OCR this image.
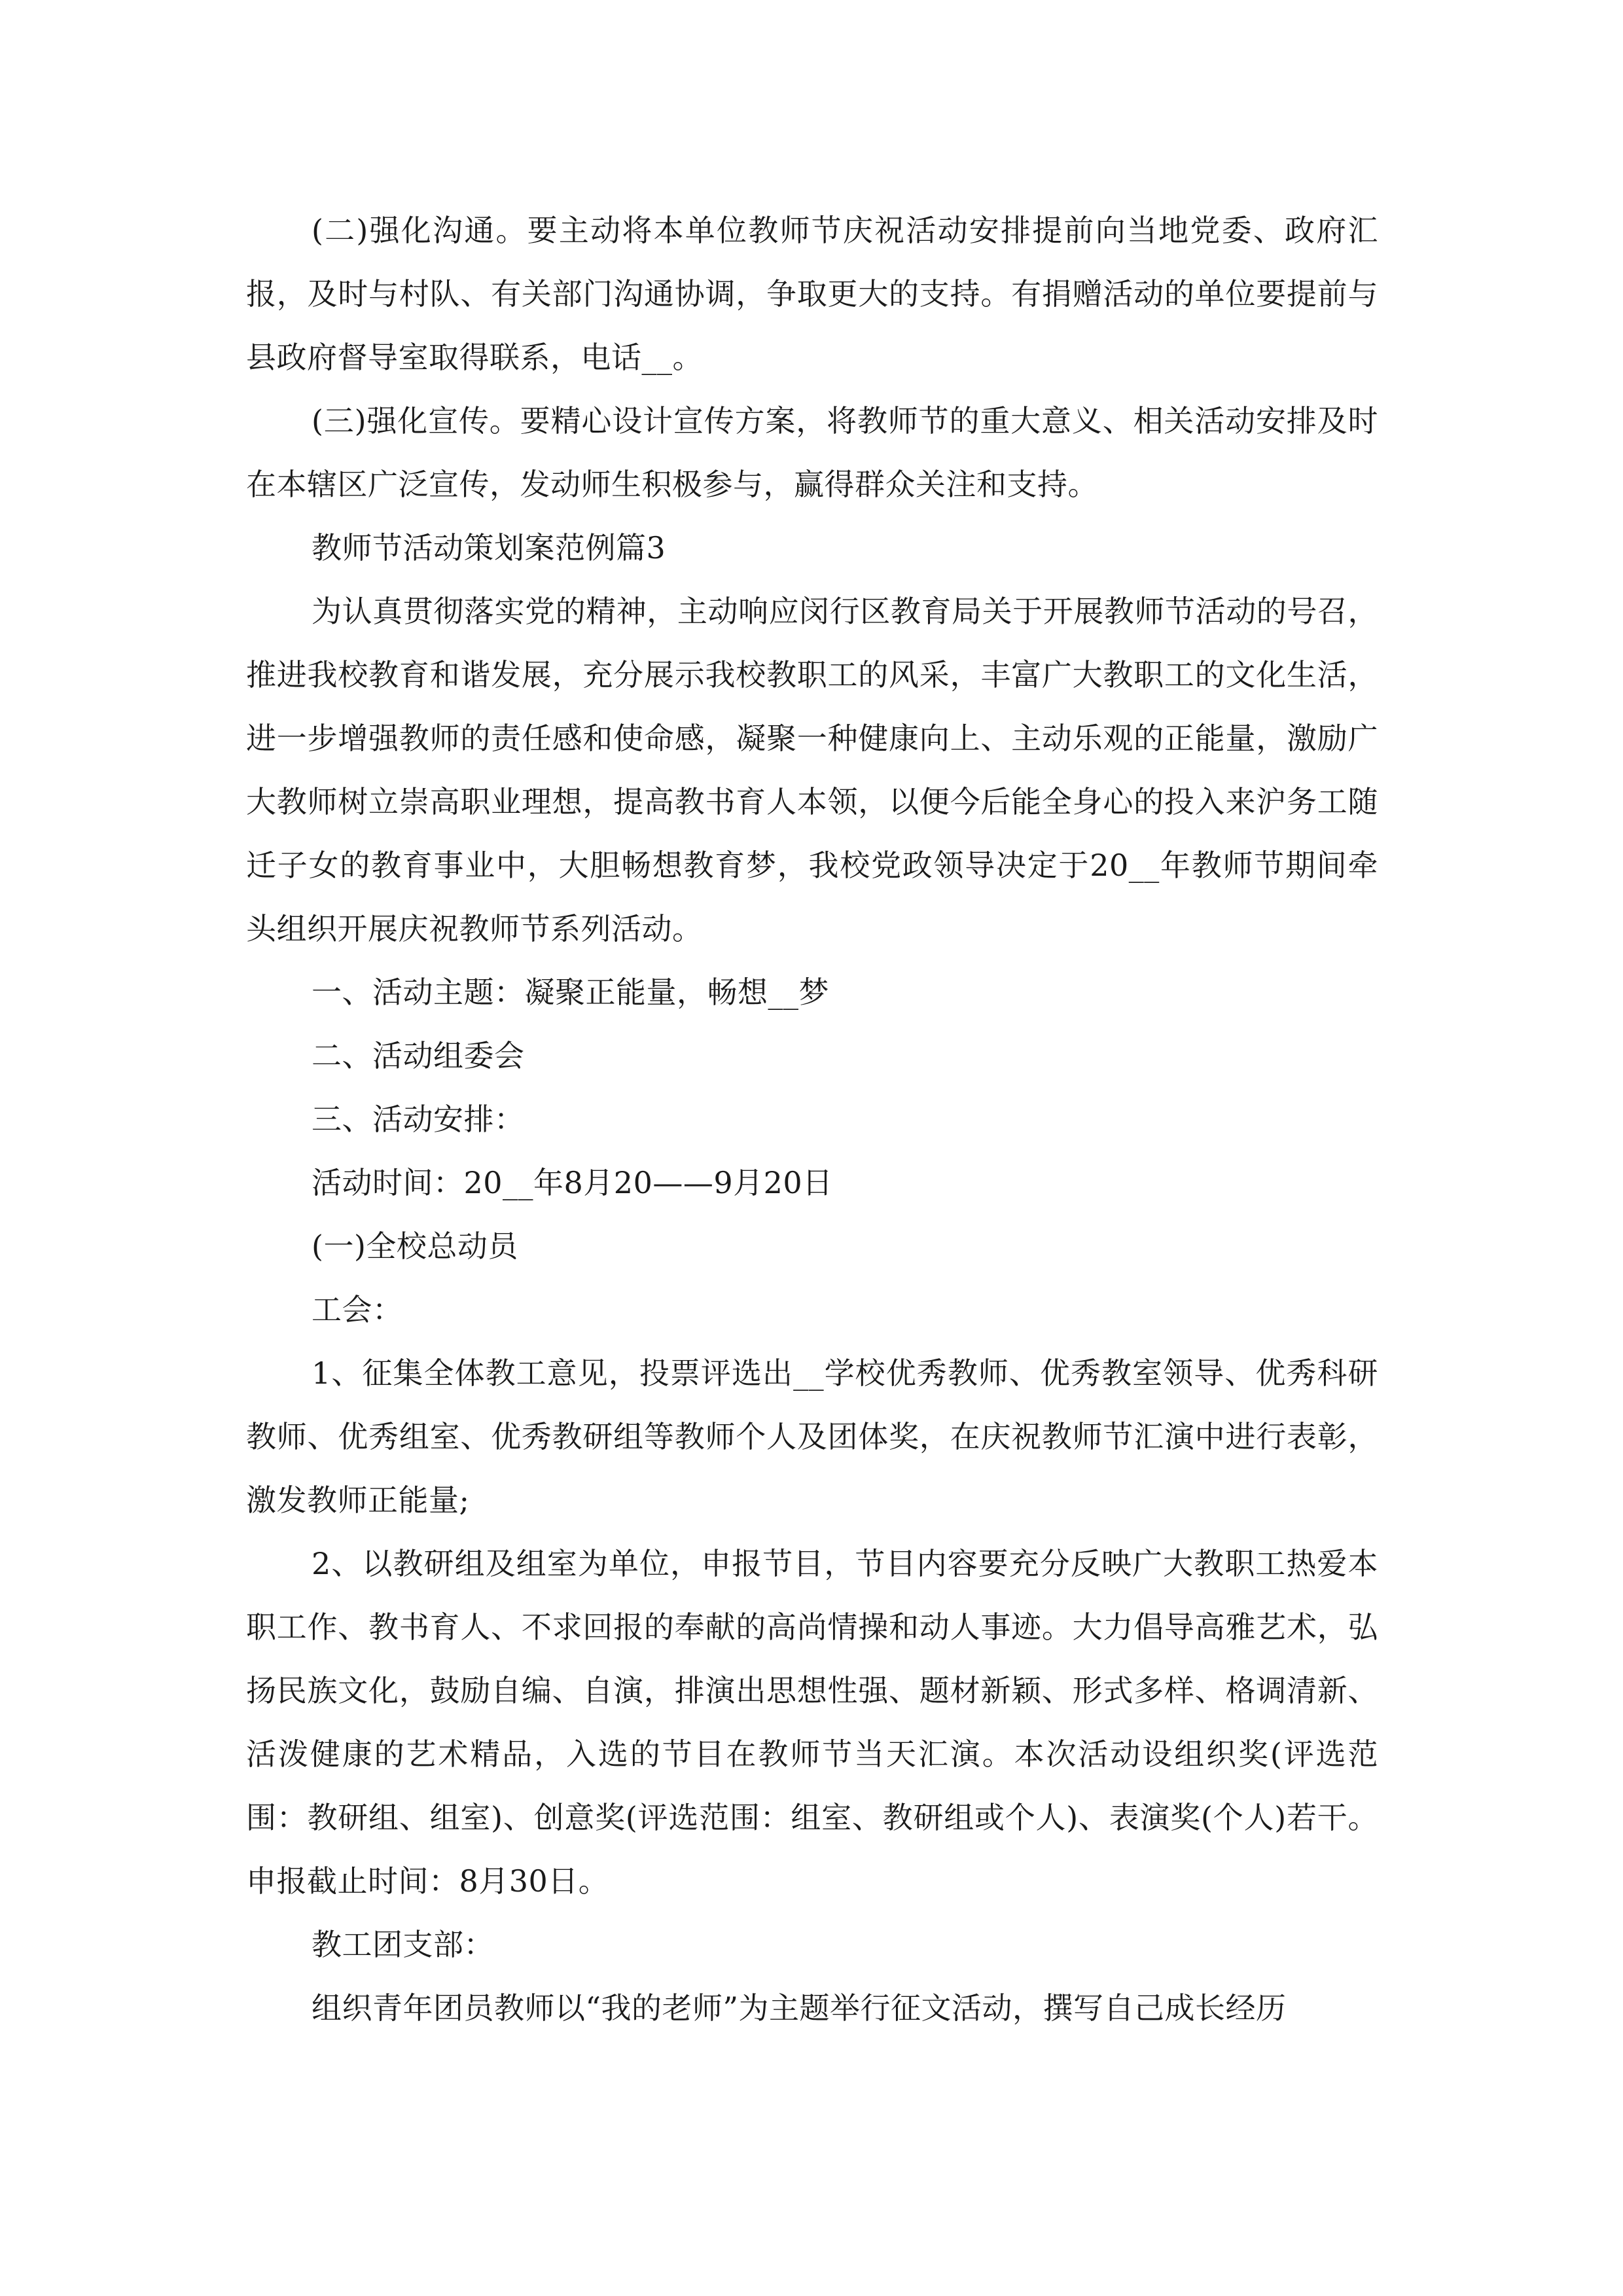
(二)强化沟通。要主动将本单位教师节庆祝活动安排提前向当地党委、政府汇报，及时与村队、有关部门沟通协调，争取更大的支持。有捐赠活动的单位要提前与县政府督导室取得联系，电话__。

(三)强化宣传。要精心设计宣传方案，将教师节的重大意义、相关活动安排及时在本辖区广泛宣传，发动师生积极参与，赢得群众关注和支持。

教师节活动策划案范例篇3

为认真贯彻落实党的精神，主动响应闵行区教育局关于开展教师节活动的号召，推进我校教育和谐发展，充分展示我校教职工的风采，丰富广大教职工的文化生活，进一步增强教师的责任感和使命感，凝聚一种健康向上、主动乐观的正能量，激励广大教师树立崇高职业理想，提高教书育人本领，以便今后能全身心的投入来沪务工随迁子女的教育事业中，大胆畅想教育梦，我校党政领导决定于20__年教师节期间牵头组织开展庆祝教师节系列活动。

一、活动主题：凝聚正能量，畅想__梦

二、活动组委会

三、活动安排：

活动时间：20__年8月20——9月20日

(一)全校总动员

工会：

1、征集全体教工意见，投票评选出__学校优秀教师、优秀教室领导、优秀科研教师、优秀组室、优秀教研组等教师个人及团体奖，在庆祝教师节汇演中进行表彰，激发教师正能量;

2、以教研组及组室为单位，申报节目，节目内容要充分反映广大教职工热爱本职工作、教书育人、不求回报的奉献的高尚情操和动人事迹。大力倡导高雅艺术，弘扬民族文化，鼓励自编、自演，排演出思想性强、题材新颖、形式多样、格调清新、活泼健康的艺术精品，入选的节目在教师节当天汇演。本次活动设组织奖(评选范围：教研组、组室)、创意奖(评选范围：组室、教研组或个人)、表演奖(个人)若干。申报截止时间：8月30日。

教工团支部：

组织青年团员教师以“我的老师”为主题举行征文活动，撰写自己成长经历
